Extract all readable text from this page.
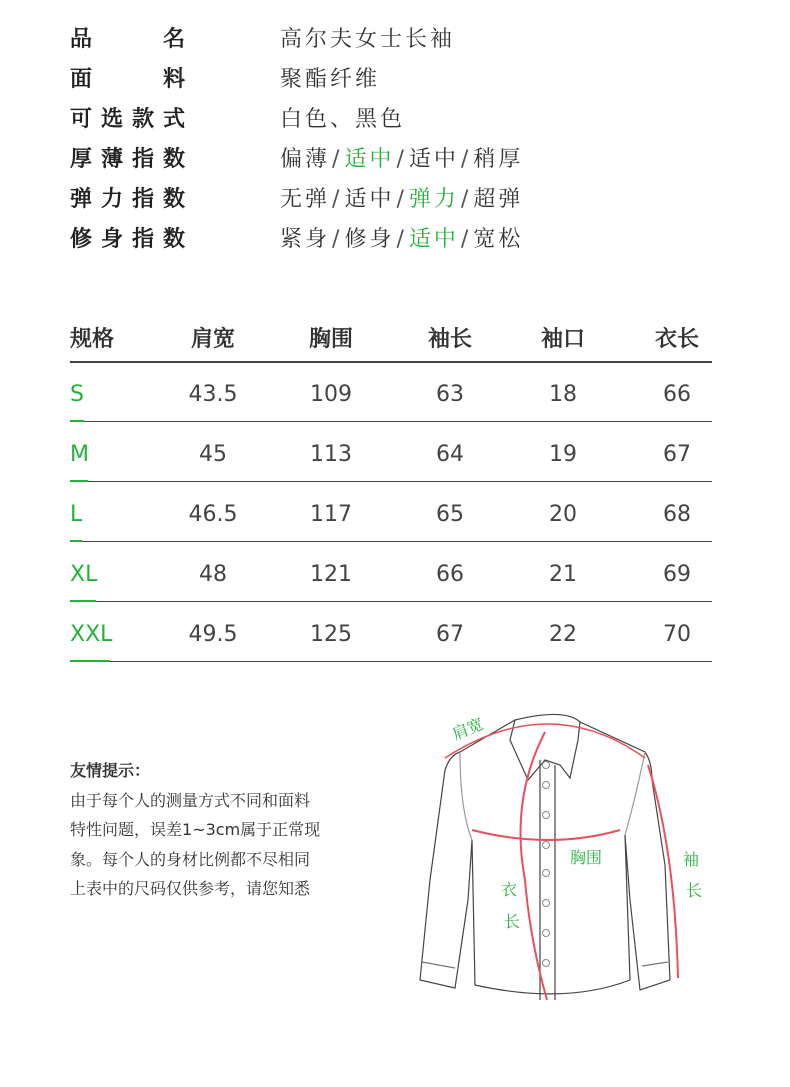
品	名	高尔夫女士长袖
面	料	聚酯纤维
可 选 款 式	白色、黑色
厚 薄 指 数	偏薄/适中/适中/稍厚
弹 力 指 数	无弹/适中/弹力/超弹
修 身 指 数	紧身/修身/适中/宽松
规格	肩宽	胸围	袖长	袖口	衣长
S	43.5	109	63	18	66
M	45	113	64	19	67
L	46.5	117	65	20	68
XL	48	121	66	21	69
XXL	49.5	125	67	22	70
友情提示：
由于每个人的测量方式不同和面料
特性问题，误差1~3cm属于正常现
象。每个人的身材比例都不尽相同
上表中的尺码仅供参考，请您知悉
肩宽
胸围
衣
长
袖
长
